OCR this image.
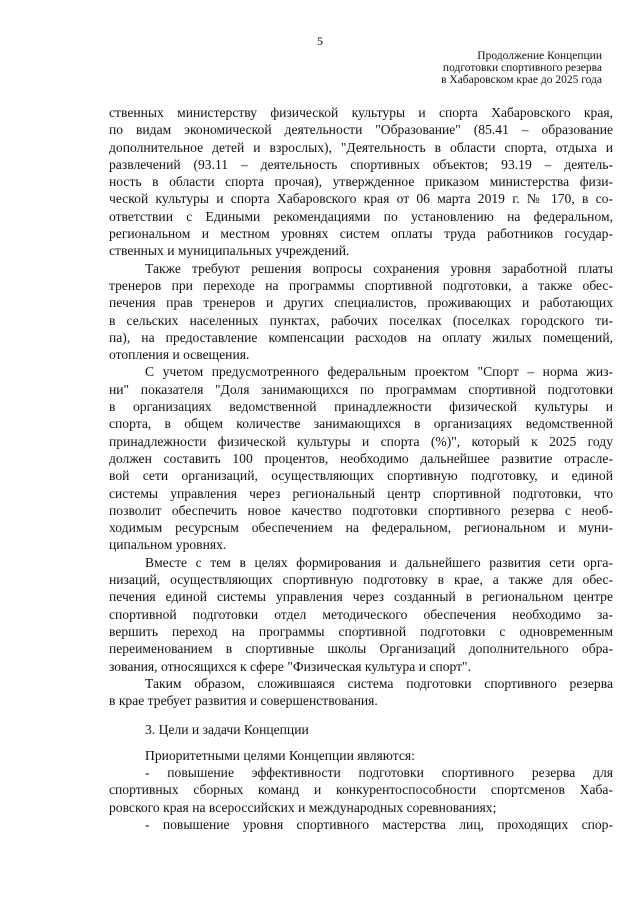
5
Продолжение Концепции
подготовки спортивного резерва
в Хабаровском крае до 2025 года

ственных министерству физической культуры и спорта Хабаровского края,

по видам экономической деятельности "Образование" (85.41 – образование

дополнительное детей и взрослых), "Деятельность в области спорта, отдыха и

развлечений (93.11 – деятельность спортивных объектов; 93.19 – деятель-

ность в области спорта прочая), утвержденное приказом министерства физи-

ческой культуры и спорта Хабаровского края от 06 марта 2019 г. № 170, в со-

ответствии с Едиными рекомендациями по установлению на федеральном,

региональном и местном уровнях систем оплаты труда работников государ-

ственных и муниципальных учреждений.

Также требуют решения вопросы сохранения уровня заработной платы

тренеров при переходе на программы спортивной подготовки, а также обес-

печения прав тренеров и других специалистов, проживающих и работающих

в сельских населенных пунктах, рабочих поселках (поселках городского ти-

па), на предоставление компенсации расходов на оплату жилых помещений,

отопления и освещения.

С учетом предусмотренного федеральным проектом "Спорт – норма жиз-

ни" показателя "Доля занимающихся по программам спортивной подготовки

в организациях ведомственной принадлежности физической культуры и

спорта, в общем количестве занимающихся в организациях ведомственной

принадлежности физической культуры и спорта (%)", который к 2025 году

должен составить 100 процентов, необходимо дальнейшее развитие отрасле-

вой сети организаций, осуществляющих спортивную подготовку, и единой

системы управления через региональный центр спортивной подготовки, что

позволит обеспечить новое качество подготовки спортивного резерва с необ-

ходимым ресурсным обеспечением на федеральном, региональном и муни-

ципальном уровнях.

Вместе с тем в целях формирования и дальнейшего развития сети орга-

низаций, осуществляющих спортивную подготовку в крае, а также для обес-

печения единой системы управления через созданный в региональном центре

спортивной подготовки отдел методического обеспечения необходимо за-

вершить переход на программы спортивной подготовки с одновременным

переименованием в спортивные школы Организаций дополнительного обра-

зования, относящихся к сфере "Физическая культура и спорт".

Таким образом, сложившаяся система подготовки спортивного резерва

в крае требует развития и совершенствования.

3. Цели и задачи Концепции

Приоритетными целями Концепции являются:

- повышение эффективности подготовки спортивного резерва для

спортивных сборных команд и конкурентоспособности спортсменов Хаба-

ровского края на всероссийских и международных соревнованиях;

- повышение уровня спортивного мастерства лиц, проходящих спор-
